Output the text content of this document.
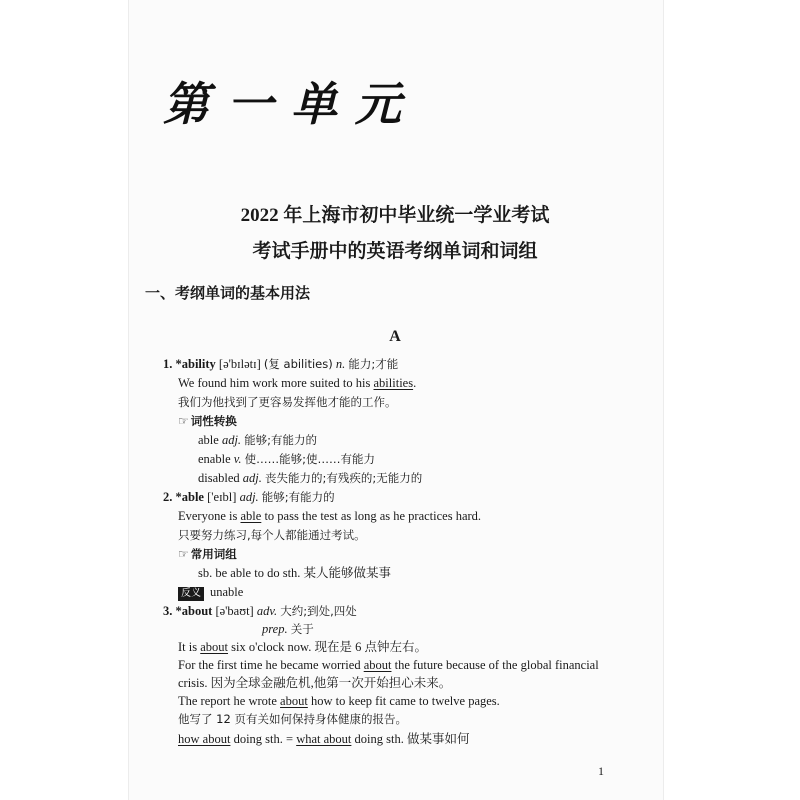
第一单元
2022 年上海市初中毕业统一学业考试
考试手册中的英语考纲单词和词组
一、考纲单词的基本用法
A
1. *ability [ə'bɪlətɪ] (复 abilities) n. 能力;才能
We found him work more suited to his abilities.
我们为他找到了更容易发挥他才能的工作。
☞ 词性转换
able adj. 能够;有能力的
enable v. 使……能够;使……有能力
disabled adj. 丧失能力的;有残疾的;无能力的
2. *able ['eɪbl] adj. 能够;有能力的
Everyone is able to pass the test as long as he practices hard.
只要努力练习,每个人都能通过考试。
☞ 常用词组
sb. be able to do sth. 某人能够做某事
反义 unable
3. *about [ə'baʊt] adv. 大约;到处,四处
prep. 关于
It is about six o'clock now. 现在是 6 点钟左右。
For the first time he became worried about the future because of the global financial
crisis. 因为全球金融危机,他第一次开始担心未来。
The report he wrote about how to keep fit came to twelve pages.
他写了 12 页有关如何保持身体健康的报告。
how about doing sth. = what about doing sth. 做某事如何
1
